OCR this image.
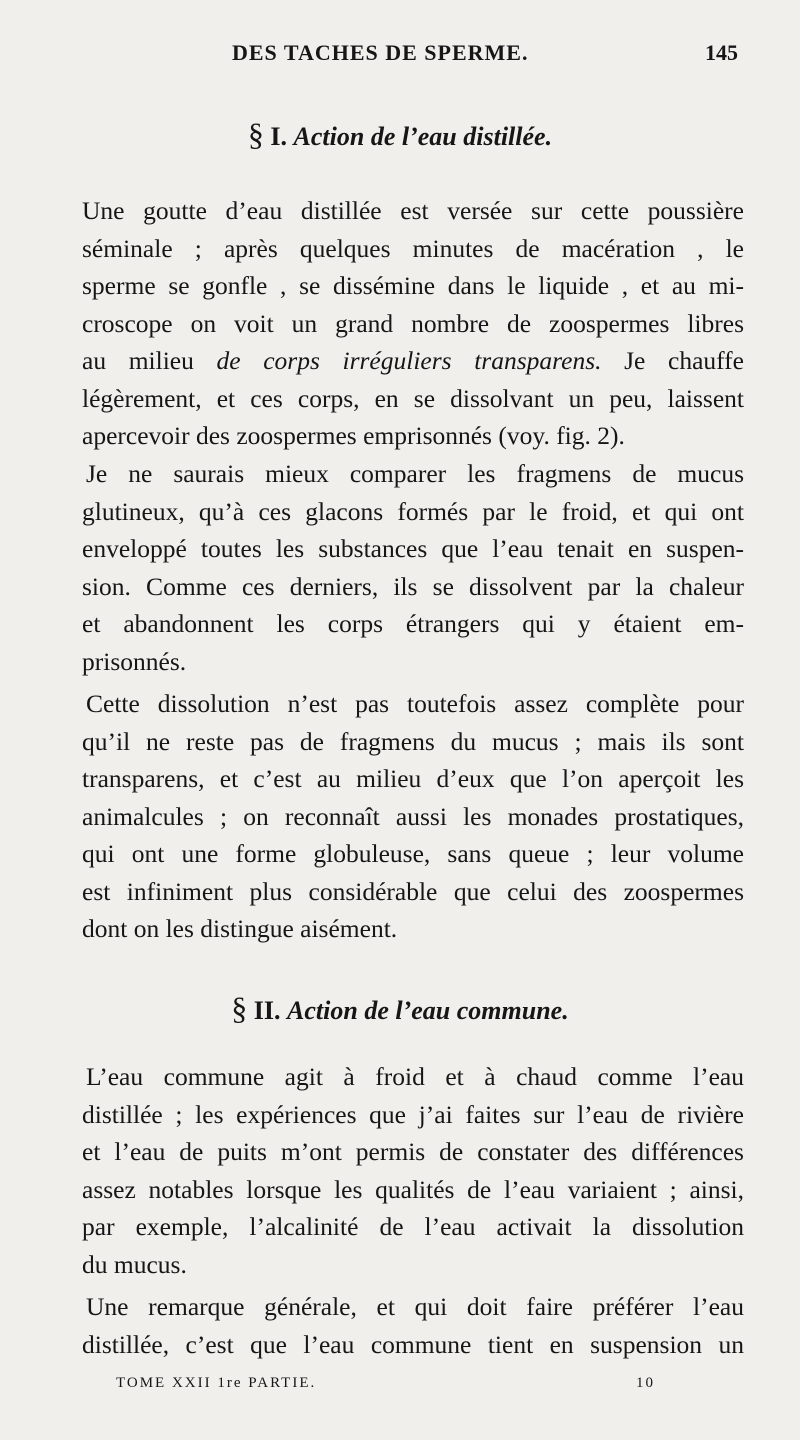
DES TACHES DE SPERME.	145
§ I. Action de l’eau distillée.
Une goutte d’eau distillée est versée sur cette poussière
séminale ; après quelques minutes de macération , le
sperme se gonfle , se dissémine dans le liquide , et au mi-
croscope on voit un grand nombre de zoospermes libres
au milieu de corps irréguliers transparens. Je chauffe
légèrement, et ces corps, en se dissolvant un peu, laissent
apercevoir des zoospermes emprisonnés (voy. fig. 2).
Je ne saurais mieux comparer les fragmens de mucus
glutineux, qu’à ces glacons formés par le froid, et qui ont
enveloppé toutes les substances que l’eau tenait en suspen-
sion. Comme ces derniers, ils se dissolvent par la chaleur
et abandonnent les corps étrangers qui y étaient em-
prisonnés.
Cette dissolution n’est pas toutefois assez complète pour
qu’il ne reste pas de fragmens du mucus ; mais ils sont
transparens, et c’est au milieu d’eux que l’on aperçoit les
animalcules ; on reconnaît aussi les monades prostatiques,
qui ont une forme globuleuse, sans queue ; leur volume
est infiniment plus considérable que celui des zoospermes
dont on les distingue aisément.
§ II. Action de l’eau commune.
L’eau commune agit à froid et à chaud comme l’eau
distillée ; les expériences que j’ai faites sur l’eau de rivière
et l’eau de puits m’ont permis de constater des différences
assez notables lorsque les qualités de l’eau variaient ; ainsi,
par exemple, l’alcalinité de l’eau activait la dissolution
du mucus.
Une remarque générale, et qui doit faire préférer l’eau
distillée, c’est que l’eau commune tient en suspension un
TOME XXII 1re PARTIE.	10
